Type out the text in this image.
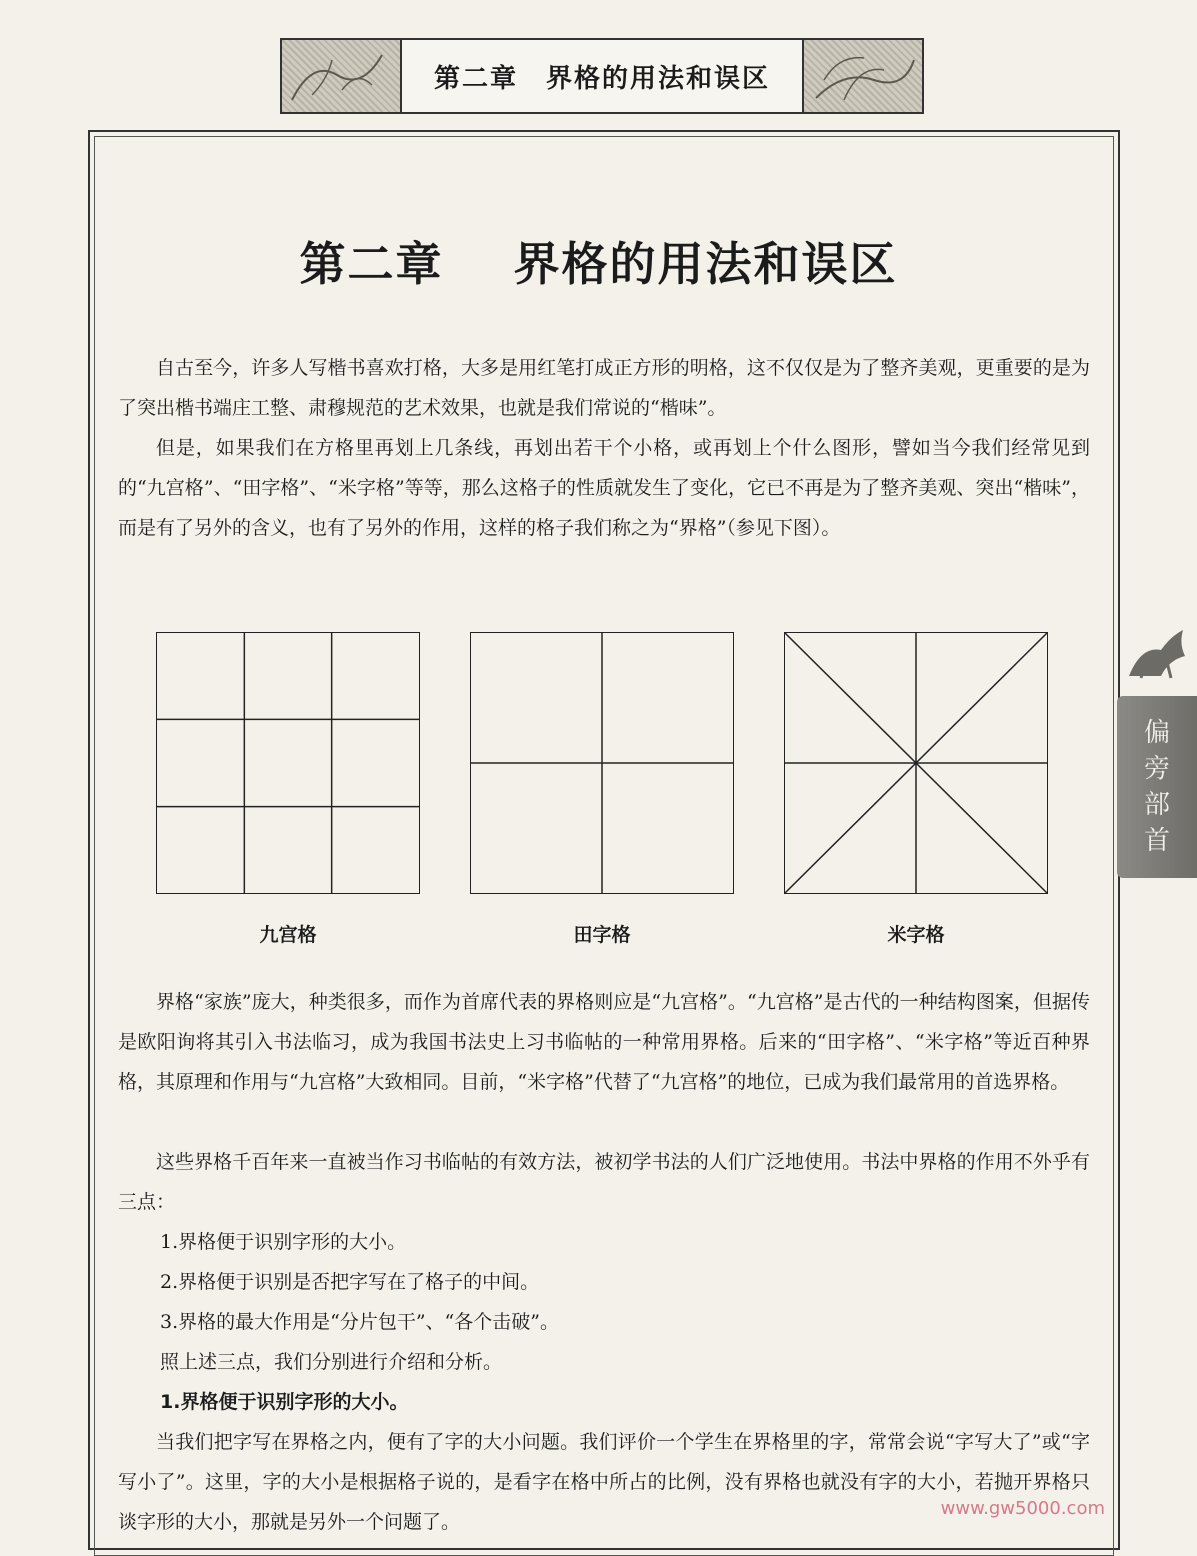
第二章　界格的用法和误区
第二章 界格的用法和误区

自古至今，许多人写楷书喜欢打格，大多是用红笔打成正方形的明格，这不仅仅是为了整齐美观，更重要的是为了突出楷书端庄工整、肃穆规范的艺术效果，也就是我们常说的“楷味”。

但是，如果我们在方格里再划上几条线，再划出若干个小格，或再划上个什么图形，譬如当今我们经常见到的“九宫格”、“田字格”、“米字格”等等，那么这格子的性质就发生了变化，它已不再是为了整齐美观、突出“楷味”，而是有了另外的含义，也有了另外的作用，这样的格子我们称之为“界格”（参见下图）。

九宫格	田字格	米字格

界格“家族”庞大，种类很多，而作为首席代表的界格则应是“九宫格”。“九宫格”是古代的一种结构图案，但据传是欧阳询将其引入书法临习，成为我国书法史上习书临帖的一种常用界格。后来的“田字格”、“米字格”等近百种界格，其原理和作用与“九宫格”大致相同。目前，“米字格”代替了“九宫格”的地位，已成为我们最常用的首选界格。

这些界格千百年来一直被当作习书临帖的有效方法，被初学书法的人们广泛地使用。书法中界格的作用不外乎有三点：

1.界格便于识别字形的大小。

2.界格便于识别是否把字写在了格子的中间。

3.界格的最大作用是“分片包干”、“各个击破”。

照上述三点，我们分别进行介绍和分析。

1.界格便于识别字形的大小。

当我们把字写在界格之内，便有了字的大小问题。我们评价一个学生在界格里的字，常常会说“字写大了”或“字写小了”。这里，字的大小是根据格子说的，是看字在格中所占的比例，没有界格也就没有字的大小，若抛开界格只谈字形的大小，那就是另外一个问题了。

偏
旁
部
首
www.gw5000.com
